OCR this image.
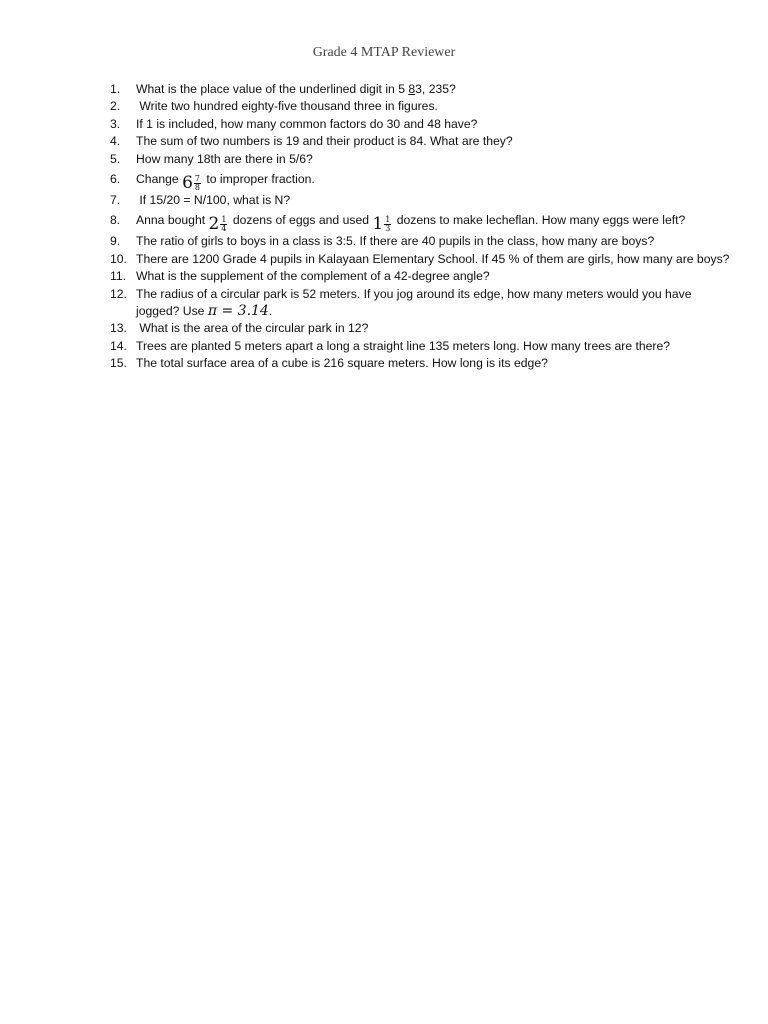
Grade 4 MTAP Reviewer
1.	What is the place value of the underlined digit in 5 83, 235?
2.	Write two hundred eighty-five thousand three in figures.
3.	If 1 is included, how many common factors do 30 and 48 have?
4.	The sum of two numbers is 19 and their product is 84. What are they?
5.	How many 18th are there in 5/6?
6.	Change $6 \frac{7}{8}$ to improper fraction.
7.	If 15/20 = N/100, what is N?
8.	Anna bought $2 \frac{1}{4}$ dozens of eggs and used $1 \frac{1}{3}$ dozens to make lecheflan. How many eggs were left?
9.	The ratio of girls to boys in a class is 3:5. If there are 40 pupils in the class, how many are boys?
10. There are 1200 Grade 4 pupils in Kalayaan Elementary School. If 45 % of them are girls, how many are boys?
11. What is the supplement of the complement of a 42-degree angle?
12. The radius of a circular park is 52 meters. If you jog around its edge, how many meters would you have jogged? Use π = 3.14.
13. What is the area of the circular park in 12?
14. Trees are planted 5 meters apart a long a straight line 135 meters long. How many trees are there?
15. The total surface area of a cube is 216 square meters. How long is its edge?
